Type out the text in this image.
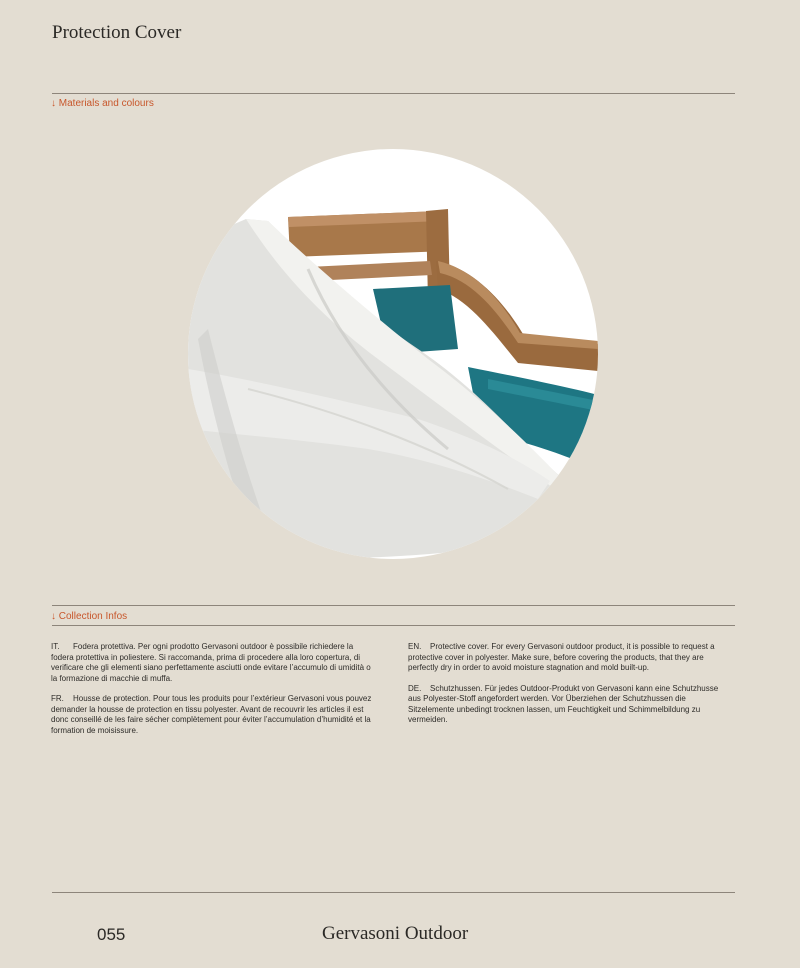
Protection Cover
↓ Materials and colours
↓ Collection Infos

IT. Fodera protettiva. Per ogni prodotto Gervasoni outdoor è possibile richiedere la fodera protettiva in poliestere. Si raccomanda, prima di procedere alla loro copertura, di verificare che gli elementi siano perfettamente asciutti onde evitare l’accumulo di umidità o la formazione di macchie di muffa.

FR. Housse de protection. Pour tous les produits pour l’extérieur Gervasoni vous pouvez demander la housse de protection en tissu polyester. Avant de recouvrir les articles il est donc conseillé de les faire sécher complètement pour éviter l’accumulation d’humidité et la formation de moisissure.

EN. Protective cover. For every Gervasoni outdoor product, it is possible to request a protective cover in polyester. Make sure, before covering the products, that they are perfectly dry in order to avoid moisture stagnation and mold built-up.

DE. Schutzhussen. Für jedes Outdoor-Produkt von Gervasoni kann eine Schutzhusse aus Polyester-Stoff angefordert werden. Vor Überziehen der Schutzhussen die Sitzelemente unbedingt trocknen lassen, um Feuchtigkeit und Schimmelbildung zu vermeiden.

055	Gervasoni Outdoor
